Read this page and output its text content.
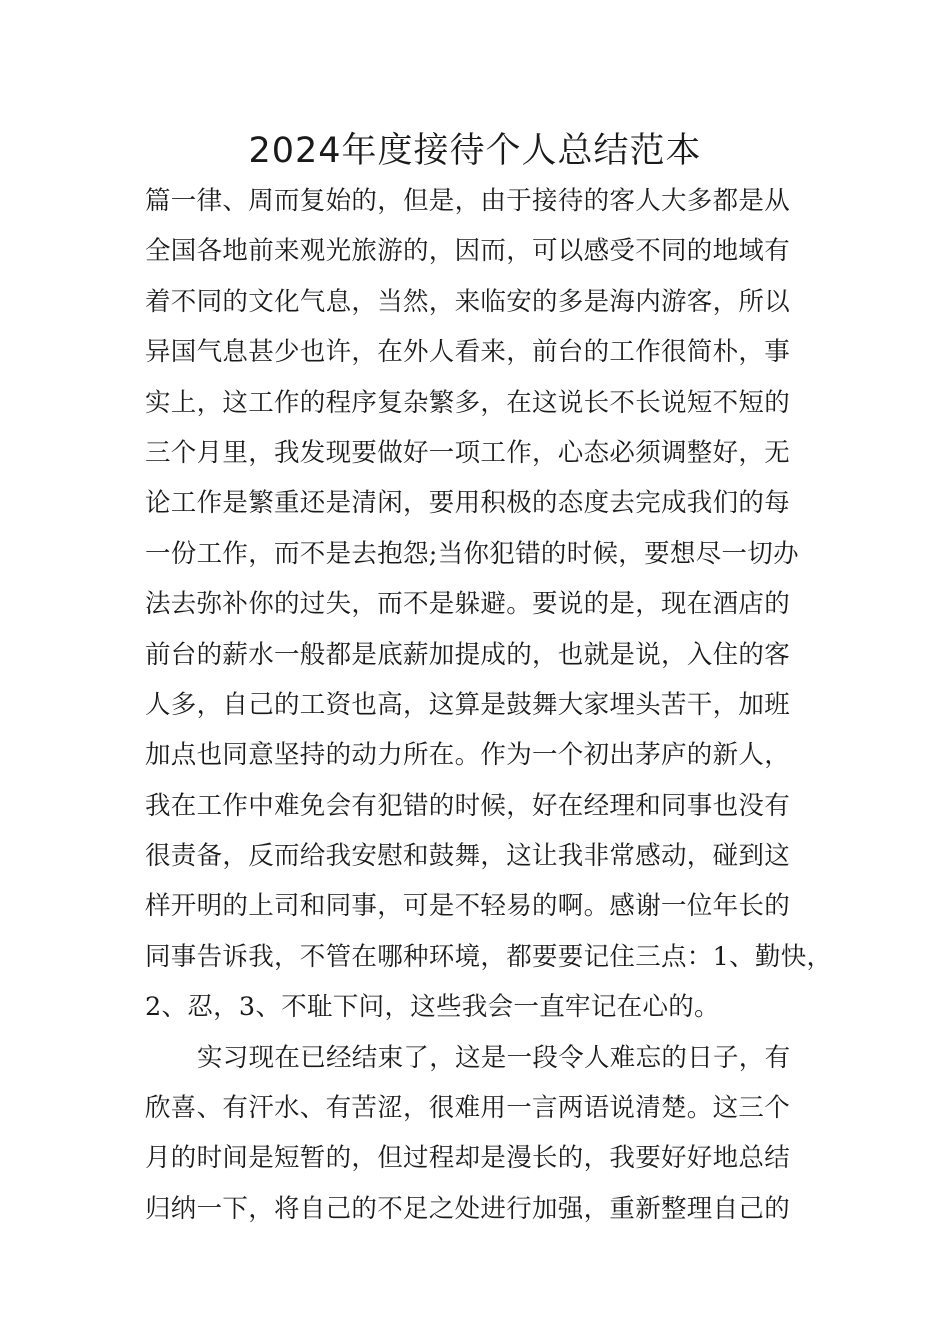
2024年度接待个人总结范本
篇一律、周而复始的，但是，由于接待的客人大多都是从
全国各地前来观光旅游的，因而，可以感受不同的地域有
着不同的文化气息，当然，来临安的多是海内游客，所以
异国气息甚少也许，在外人看来，前台的工作很简朴，事
实上，这工作的程序复杂繁多，在这说长不长说短不短的
三个月里，我发现要做好一项工作，心态必须调整好，无
论工作是繁重还是清闲，要用积极的态度去完成我们的每
一份工作，而不是去抱怨;当你犯错的时候，要想尽一切办
法去弥补你的过失，而不是躲避。要说的是，现在酒店的
前台的薪水一般都是底薪加提成的，也就是说，入住的客
人多，自己的工资也高，这算是鼓舞大家埋头苦干，加班
加点也同意坚持的动力所在。作为一个初出茅庐的新人，
我在工作中难免会有犯错的时候，好在经理和同事也没有
很责备，反而给我安慰和鼓舞，这让我非常感动，碰到这
样开明的上司和同事，可是不轻易的啊。感谢一位年长的
同事告诉我，不管在哪种环境，都要要记住三点：1、勤快，
2、忍，3、不耻下问，这些我会一直牢记在心的。
实习现在已经结束了，这是一段令人难忘的日子，有
欣喜、有汗水、有苦涩，很难用一言两语说清楚。这三个
月的时间是短暂的，但过程却是漫长的，我要好好地总结
归纳一下，将自己的不足之处进行加强，重新整理自己的
